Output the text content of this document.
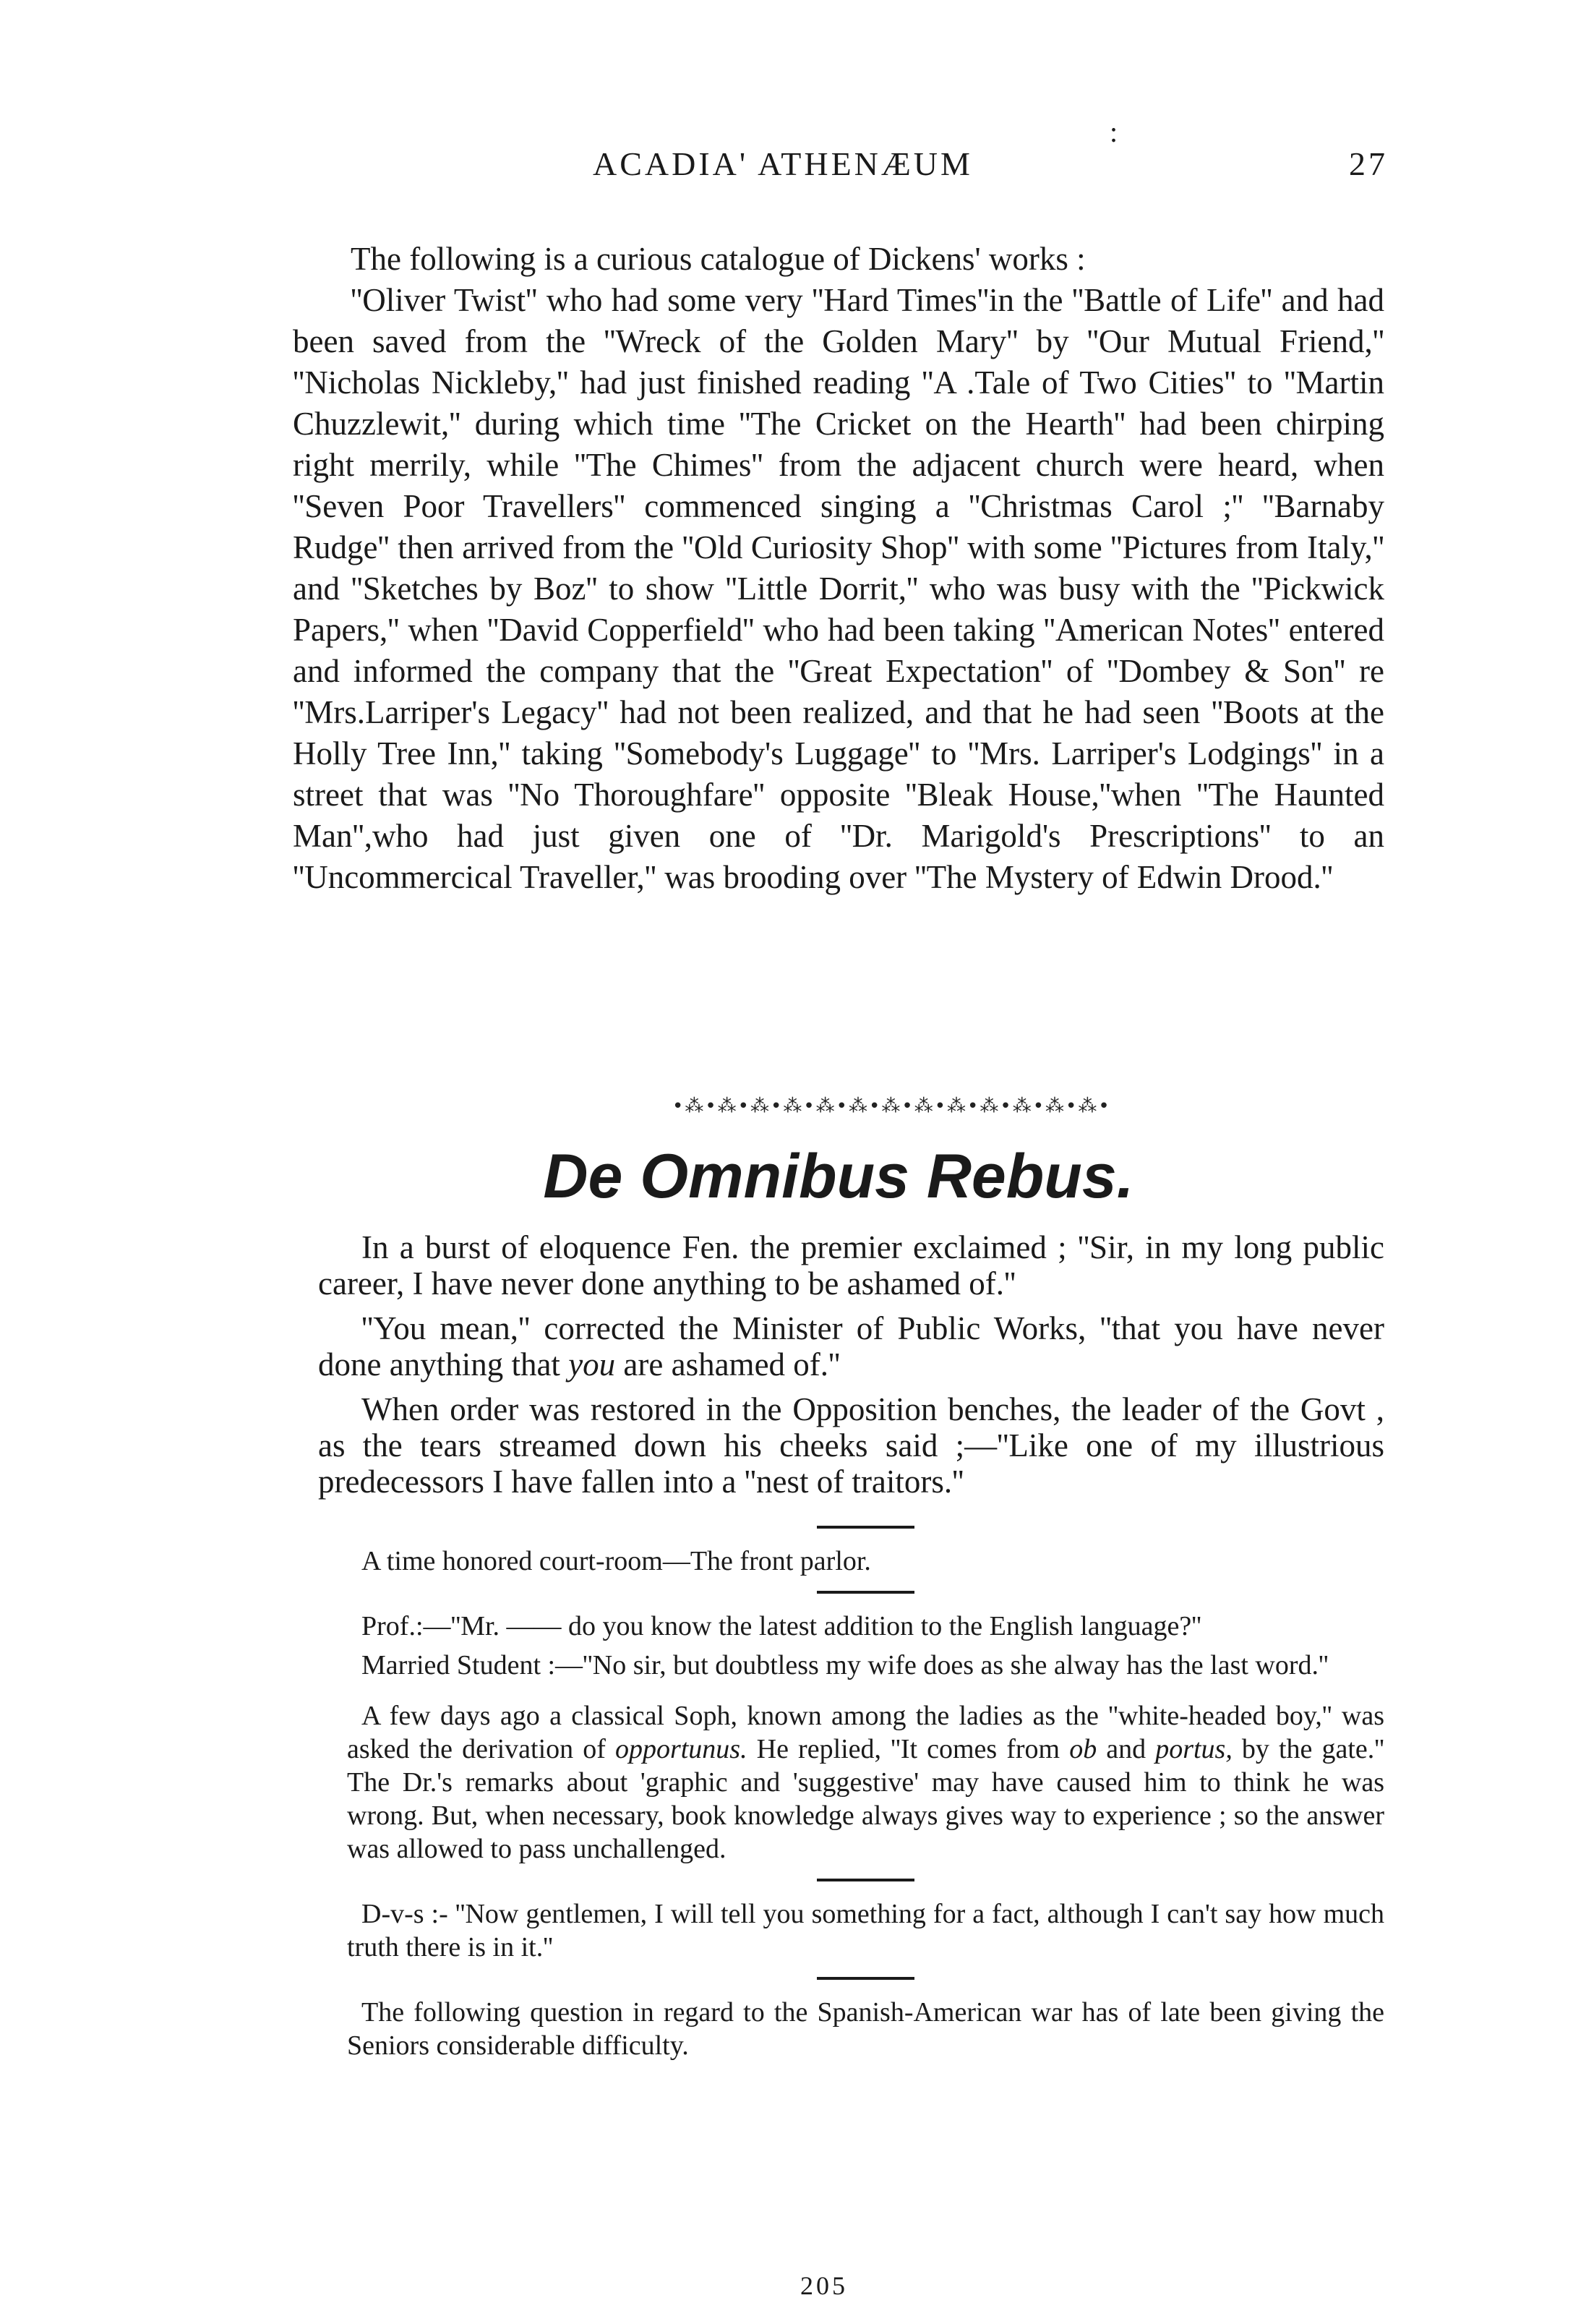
ACADIA' ATHENÆUM
:
27

The following is a curious catalogue of Dickens' works :

''Oliver Twist'' who had some very ''Hard Times''in the ''Battle of Life'' and had been saved from the ''Wreck of the Golden Mary'' by ''Our Mutual Friend,'' ''Nicholas Nickleby,'' had just finished reading ''A .Tale of Two Cities'' to ''Martin Chuzzlewit,'' during which time ''The Cricket on the Hearth'' had been chirping right merrily, while ''The Chimes'' from the adjacent church were heard, when ''Seven Poor Travellers'' commenced singing a ''Christmas Carol ;'' ''Barnaby Rudge'' then arrived from the ''Old Curiosity Shop'' with some ''Pictures from Italy,'' and ''Sketches by Boz'' to show ''Little Dorrit,'' who was busy with the ''Pickwick Papers,'' when ''David Copperfield'' who had been taking ''American Notes'' entered and informed the company that the ''Great Expectation'' of ''Dombey & Son'' re ''Mrs.Larriper's Legacy'' had not been realized, and that he had seen ''Boots at the Holly Tree Inn,'' taking ''Somebody's Luggage'' to ''Mrs. Larriper's Lodgings'' in a street that was ''No Thoroughfare'' opposite ''Bleak House,''when ''The Haunted Man'',who had just given one of ''Dr. Marigold's Prescriptions'' to an ''Uncommercical Traveller,'' was brooding over ''The Mystery of Edwin Drood.''

•⁂•⁂•⁂•⁂•⁂•⁂•⁂•⁂•⁂•⁂•⁂•⁂•⁂•
De Omnibus Rebus.

In a burst of eloquence Fen. the premier exclaimed ; ''Sir, in my long public career, I have never done anything to be ashamed of.''

''You mean,'' corrected the Minister of Public Works, ''that you have never done anything that you are ashamed of.''

When order was restored in the Opposition benches, the leader of the Govt , as the tears streamed down his cheeks said ;—''Like one of my illustrious predecessors I have fallen into a ''nest of traitors.''

A time honored court-room—The front parlor.

Prof.:—''Mr. —— do you know the latest addition to the English language?''

Married Student :—''No sir, but doubtless my wife does as she alway has the last word.''

A few days ago a classical Soph, known among the ladies as the ''white-headed boy,'' was asked the derivation of opportunus. He replied, ''It comes from ob and portus, by the gate.'' The Dr.'s remarks about 'graphic and 'suggestive' may have caused him to think he was wrong. But, when necessary, book knowledge always gives way to experience ; so the answer was allowed to pass unchallenged.

D-v-s :- ''Now gentlemen, I will tell you something for a fact, although I can't say how much truth there is in it.''

The following question in regard to the Spanish-American war has of late been giving the Seniors considerable difficulty.

205
